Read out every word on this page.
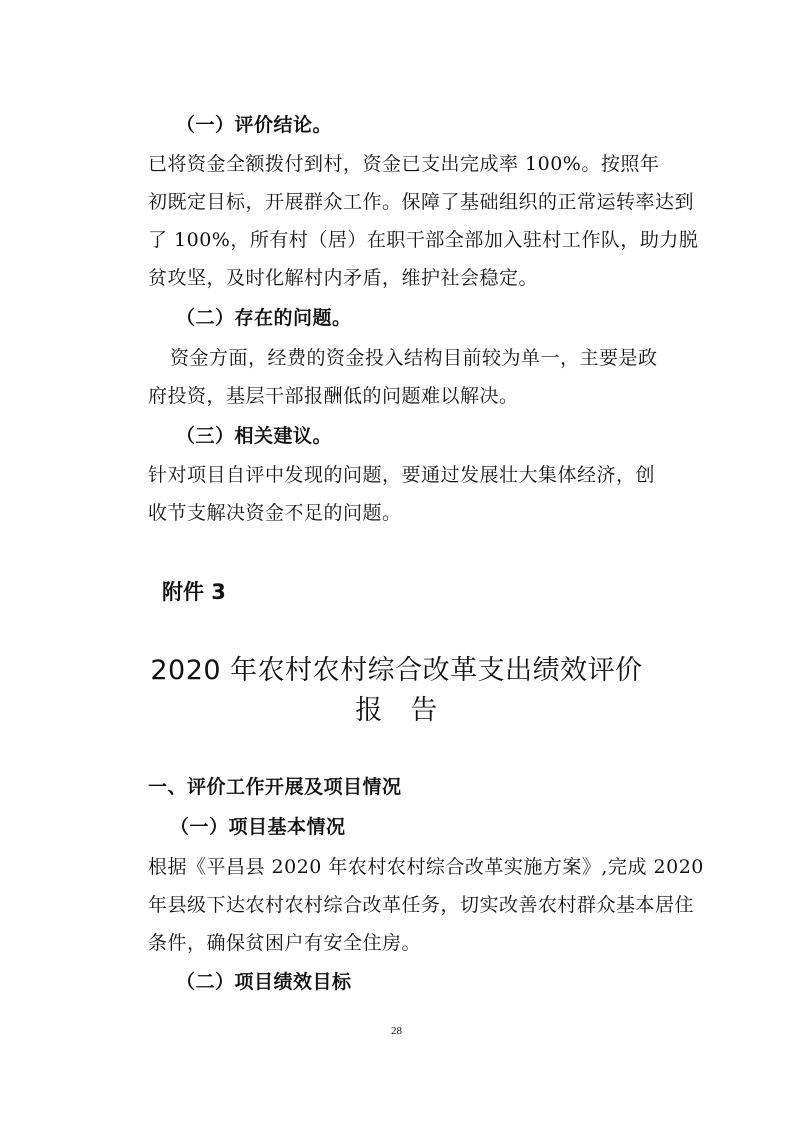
（一）评价结论。
已将资金全额拨付到村，资金已支出完成率 100%。按照年
初既定目标，开展群众工作。保障了基础组织的正常运转率达到
了 100%，所有村（居）在职干部全部加入驻村工作队，助力脱
贫攻坚，及时化解村内矛盾，维护社会稳定。
（二）存在的问题。
资金方面，经费的资金投入结构目前较为单一，主要是政
府投资，基层干部报酬低的问题难以解决。
（三）相关建议。
针对项目自评中发现的问题，要通过发展壮大集体经济，创
收节支解决资金不足的问题。
附件 3
2020 年农村农村综合改革支出绩效评价
报　告
一、评价工作开展及项目情况
（一）项目基本情况
根据《平昌县 2020 年农村农村综合改革实施方案》,完成 2020
年县级下达农村农村综合改革任务，切实改善农村群众基本居住
条件，确保贫困户有安全住房。
（二）项目绩效目标
28
